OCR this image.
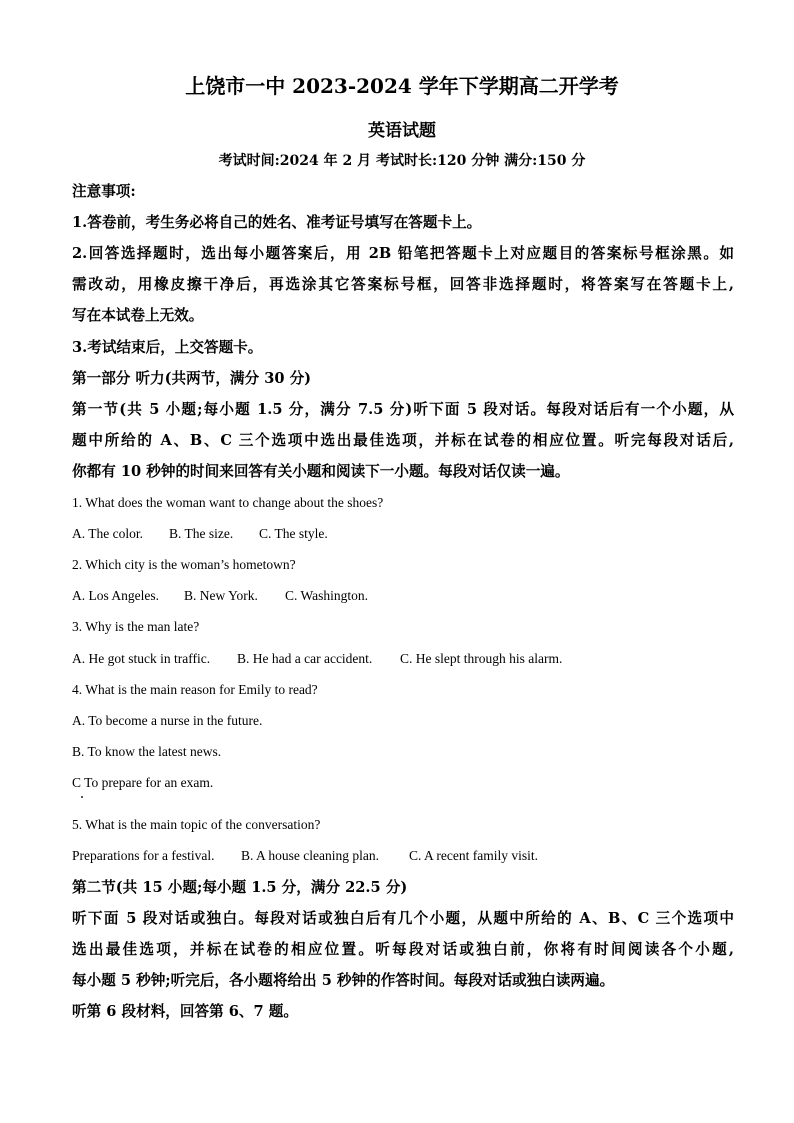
上饶市一中 2023-2024 学年下学期高二开学考
英语试题
考试时间:2024 年 2 月 考试时长:120 分钟 满分:150 分
注意事项:
1.答卷前，考生务必将自己的姓名、准考证号填写在答题卡上。
2.回答选择题时，选出每小题答案后，用 2B 铅笔把答题卡上对应题目的答案标号框涂黑。如
需改动，用橡皮擦干净后，再选涂其它答案标号框，回答非选择题时，将答案写在答题卡上,
写在本试卷上无效。
3.考试结束后，上交答题卡。
第一部分 听力(共两节，满分 30 分)
第一节(共 5 小题;每小题 1.5 分，满分 7.5 分)听下面 5 段对话。每段对话后有一个小题，从
题中所给的 A、B、C 三个选项中选出最佳选项，并标在试卷的相应位置。听完每段对话后,
你都有 10 秒钟的时间来回答有关小题和阅读下一小题。每段对话仅读一遍。
1. What does the woman want to change about the shoes?
A. The color. B. The size. C. The style.
2. Which city is the woman’s hometown?
A. Los Angeles. B. New York. C. Washington.
3. Why is the man late?
A. He got stuck in traffic. B. He had a car accident. C. He slept through his alarm.
4. What is the main reason for Emily to read?
A. To become a nurse in the future.
B. To know the latest news.
C To prepare for an exam.
5. What is the main topic of the conversation?
Preparations for a festival. B. A house cleaning plan. C. A recent family visit.
第二节(共 15 小题;每小题 1.5 分，满分 22.5 分)
听下面 5 段对话或独白。每段对话或独白后有几个小题，从题中所给的 A、B、C 三个选项中
选出最佳选项，并标在试卷的相应位置。听每段对话或独白前，你将有时间阅读各个小题,
每小题 5 秒钟;听完后，各小题将给出 5 秒钟的作答时间。每段对话或独白读两遍。
听第 6 段材料，回答第 6、7 题。
